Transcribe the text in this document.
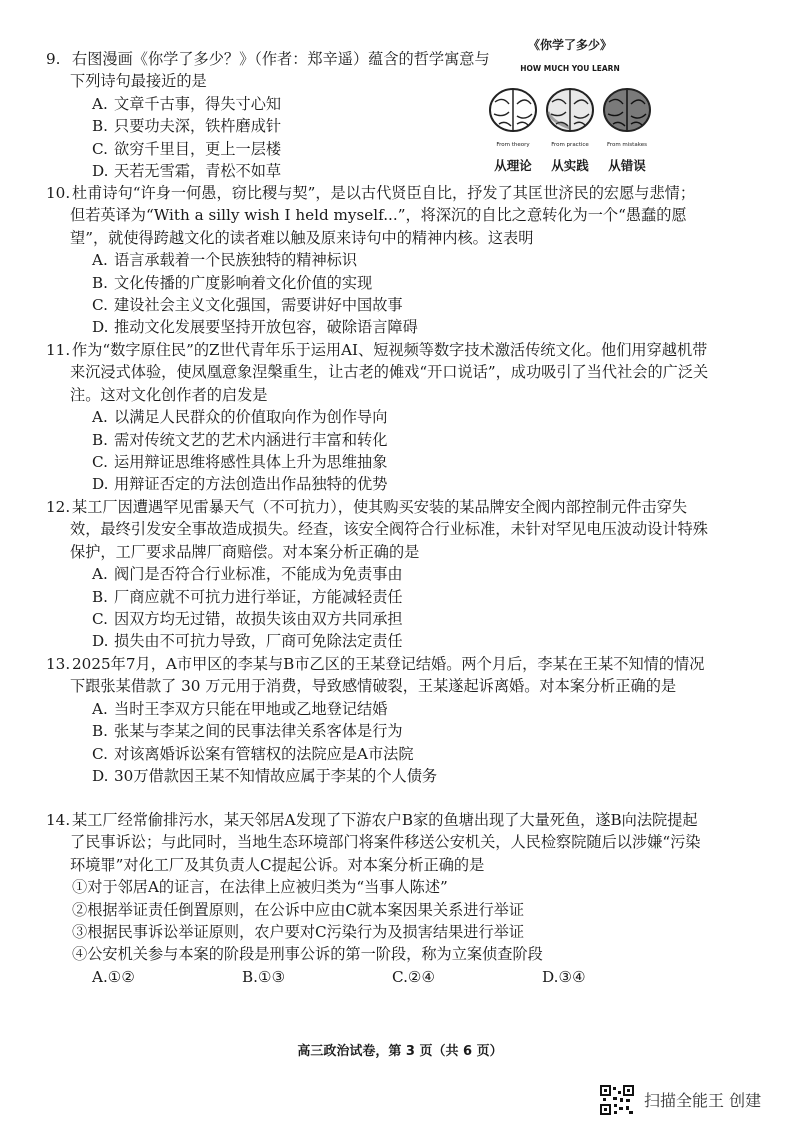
9. 右图漫画《你学了多少？》（作者：郑辛遥）蕴含的哲学寓意与下列诗句最接近的是

A. 文章千古事，得失寸心知

B. 只要功夫深，铁杵磨成针

C. 欲穷千里目，更上一层楼

D. 天若无雪霜，青松不如草

《你学了多少》
HOW MUCH YOU LEARN
From theory	From practice	From mistakes
从理论	从实践	从错误

10. 杜甫诗句“许身一何愚，窃比稷与契”，是以古代贤臣自比，抒发了其匡世济民的宏愿与悲情；但若英译为“With a silly wish I held myself...”，将深沉的自比之意转化为一个“愚蠢的愿望”，就使得跨越文化的读者难以触及原来诗句中的精神内核。这表明

A. 语言承载着一个民族独特的精神标识

B. 文化传播的广度影响着文化价值的实现

C. 建设社会主义文化强国，需要讲好中国故事

D. 推动文化发展要坚持开放包容，破除语言障碍

11. 作为“数字原住民”的Z世代青年乐于运用AI、短视频等数字技术激活传统文化。他们用穿越机带来沉浸式体验，使凤凰意象涅槃重生，让古老的傩戏“开口说话”，成功吸引了当代社会的广泛关注。这对文化创作者的启发是

A. 以满足人民群众的价值取向作为创作导向

B. 需对传统文艺的艺术内涵进行丰富和转化

C. 运用辩证思维将感性具体上升为思维抽象

D. 用辩证否定的方法创造出作品独特的优势

12. 某工厂因遭遇罕见雷暴天气（不可抗力），使其购买安装的某品牌安全阀内部控制元件击穿失效，最终引发安全事故造成损失。经查，该安全阀符合行业标准，未针对罕见电压波动设计特殊保护，工厂要求品牌厂商赔偿。对本案分析正确的是

A. 阀门是否符合行业标准，不能成为免责事由

B. 厂商应就不可抗力进行举证，方能减轻责任

C. 因双方均无过错，故损失该由双方共同承担

D. 损失由不可抗力导致，厂商可免除法定责任

13. 2025年7月，A市甲区的李某与B市乙区的王某登记结婚。两个月后，李某在王某不知情的情况下跟张某借款了 30 万元用于消费，导致感情破裂，王某遂起诉离婚。对本案分析正确的是

A. 当时王李双方只能在甲地或乙地登记结婚

B. 张某与李某之间的民事法律关系客体是行为

C. 对该离婚诉讼案有管辖权的法院应是A市法院

D. 30万借款因王某不知情故应属于李某的个人债务

14. 某工厂经常偷排污水，某天邻居A发现了下游农户B家的鱼塘出现了大量死鱼，遂B向法院提起了民事诉讼；与此同时，当地生态环境部门将案件移送公安机关，人民检察院随后以涉嫌“污染环境罪”对化工厂及其负责人C提起公诉。对本案分析正确的是

①对于邻居A的证言，在法律上应被归类为“当事人陈述”

②根据举证责任倒置原则，在公诉中应由C就本案因果关系进行举证

③根据民事诉讼举证原则，农户要对C污染行为及损害结果进行举证

④公安机关参与本案的阶段是刑事公诉的第一阶段，称为立案侦查阶段

A.①②	B.①③	C.②④	D.③④
高三政治试卷，第 3 页（共 6 页）
扫描全能王 创建
